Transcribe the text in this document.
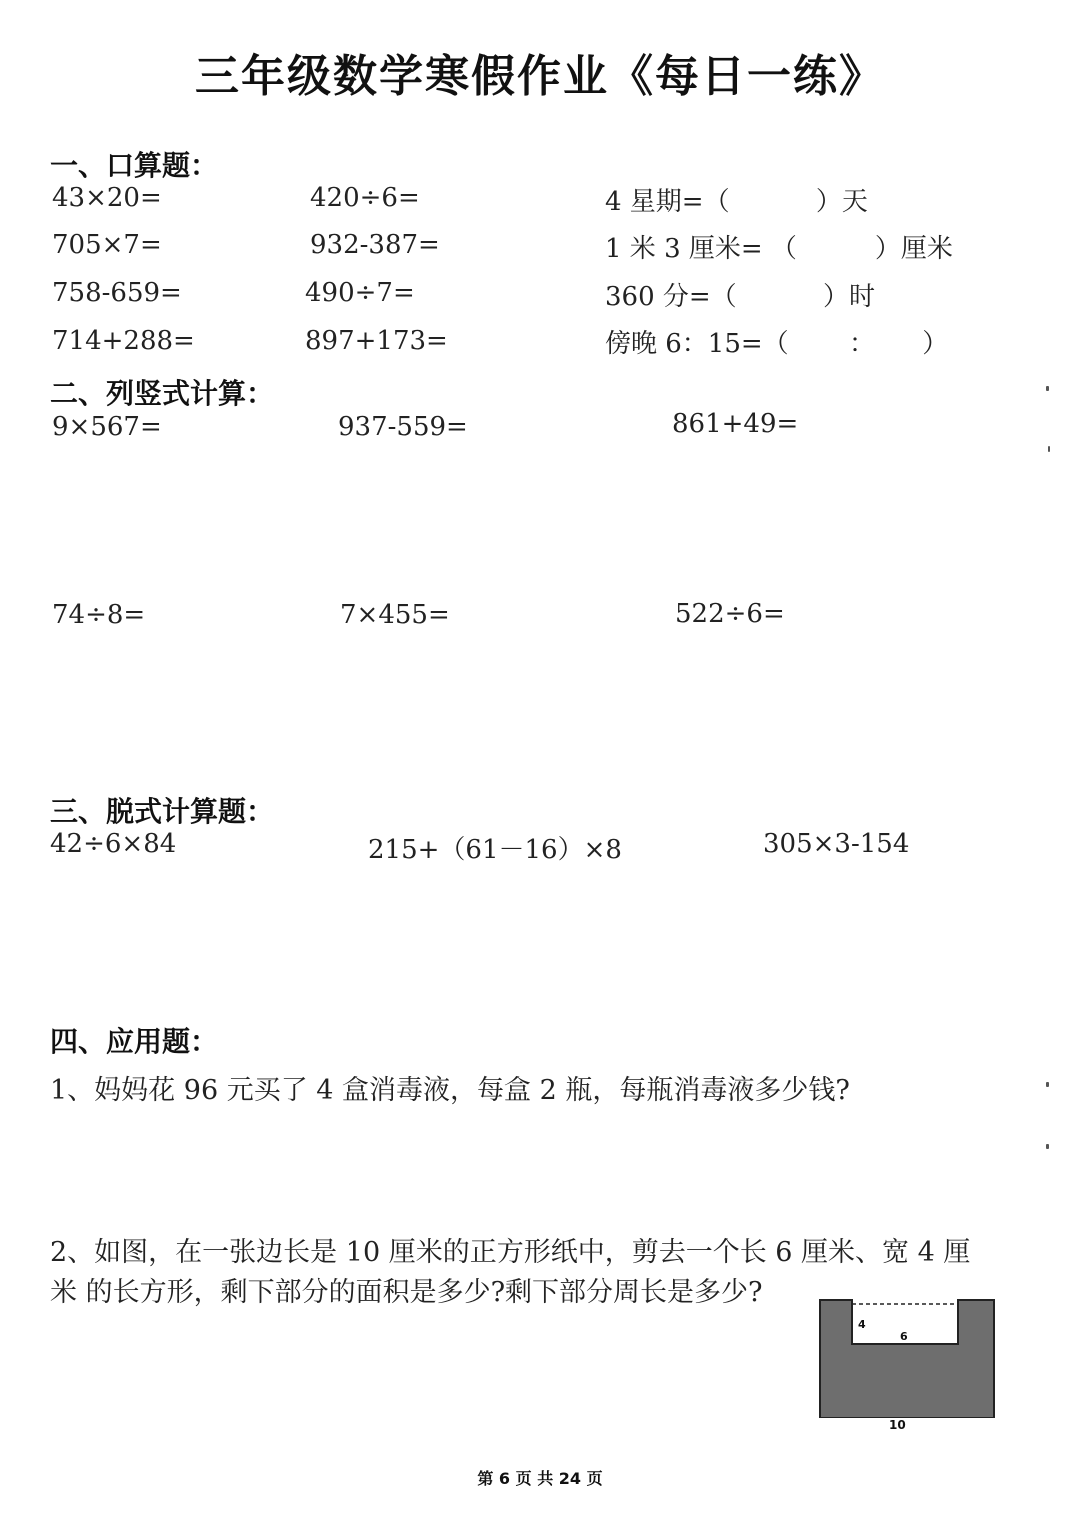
三年级数学寒假作业《每日一练》
一、口算题：
43×20=	420÷6=	4 星期=（　　　 ）天
705×7=	932-387=	1 米 3 厘米= （　　　）厘米
758-659=	490÷7=	360 分=（　　　 ）时
714+288=	897+173=	傍晚 6：15=（　　 ：　　 ）
二、列竖式计算：
9×567=	937-559=	861+49=
74÷8=	7×455=	522÷6=
三、脱式计算题：
42÷6×84	215+（61－16）×8	305×3-154
四、应用题：
1、妈妈花 96 元买了 4 盒消毒液，每盒 2 瓶，每瓶消毒液多少钱?
2、如图，在一张边长是 10 厘米的正方形纸中，剪去一个长 6 厘米、宽 4 厘
米 的长方形，剩下部分的面积是多少?剩下部分周长是多少?
4
6
10
第 6 页 共 24 页
